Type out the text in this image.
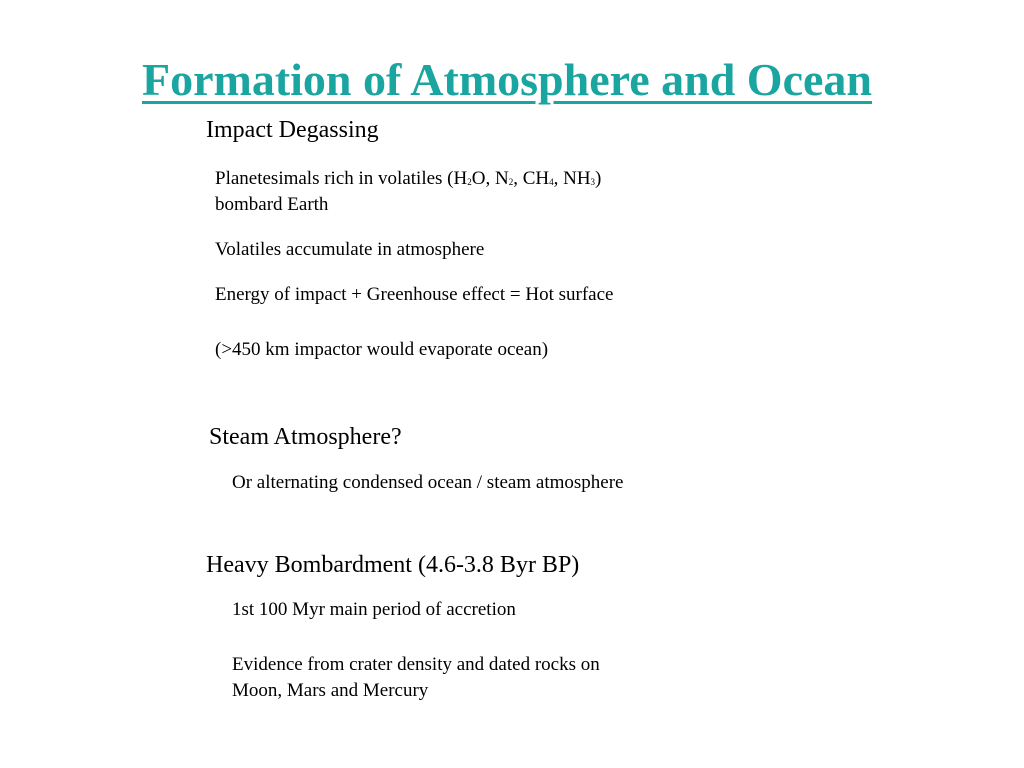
Formation of Atmosphere and Ocean
Impact Degassing
Planetesimals rich in volatiles ($H_2O$, $N_2$, $CH_4$, $NH_3$)
bombard Earth
Volatiles accumulate in atmosphere
Energy of impact + Greenhouse effect = Hot surface
(>450 km impactor would evaporate ocean)
Steam Atmosphere?
Or alternating condensed ocean / steam atmosphere
Heavy Bombardment (4.6-3.8 Byr BP)
1st 100 Myr main period of accretion
Evidence from crater density and dated rocks on
Moon, Mars and Mercury
